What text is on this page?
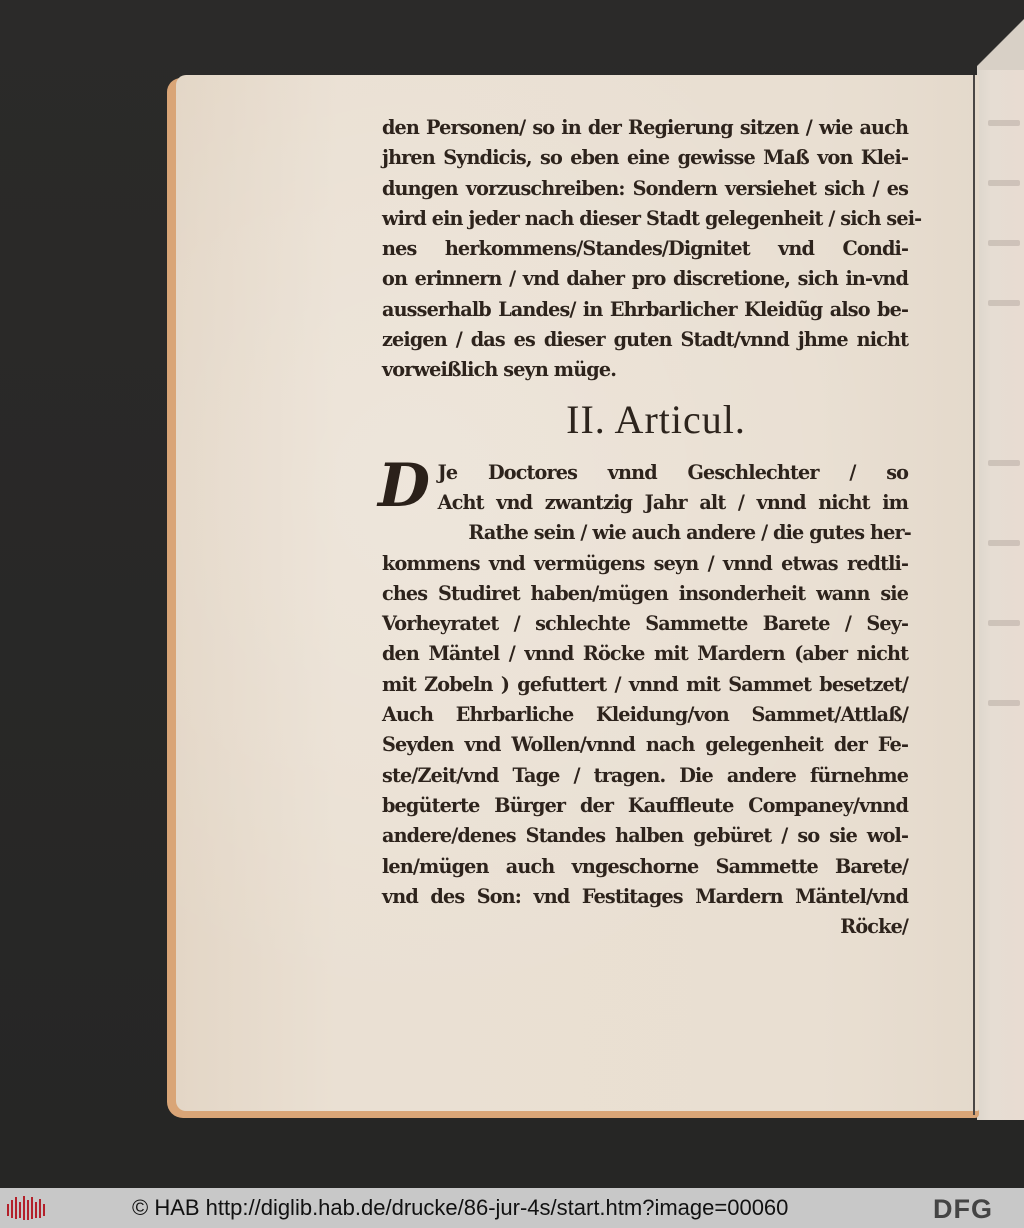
den Personen/ so in der Regierung sitzen / wie auch
jhren Syndicis, so eben eine gewisse Maß von Klei-
dungen vorzuschreiben: Sondern versiehet sich / es
wird ein jeder nach dieser Stadt gelegenheit / sich sei-
nes herkommens/Standes/Dignitet vnd Condi-
on erinnern / vnd daher pro discretione, sich in-vnd
ausserhalb Landes/ in Ehrbarlicher Kleidũg also be-
zeigen / das es dieser guten Stadt/vnnd jhme nicht
vorweißlich seyn müge.
II. Articul.
D Je Doctores vnnd Geschlechter / so
Acht vnd zwantzig Jahr alt / vnnd nicht im
Rathe sein / wie auch andere / die gutes her-
kommens vnd vermügens seyn / vnnd etwas redtli-
ches Studiret haben/mügen insonderheit wann sie
Vorheyratet / schlechte Sammette Barete / Sey-
den Mäntel / vnnd Röcke mit Mardern (aber nicht
mit Zobeln ) gefuttert / vnnd mit Sammet besetzet/
Auch Ehrbarliche Kleidung/von Sammet/Attlaß/
Seyden vnd Wollen/vnnd nach gelegenheit der Fe-
ste/Zeit/vnd Tage / tragen. Die andere fürnehme
begüterte Bürger der Kauffleute Companey/vnnd
andere/denes Standes halben gebüret / so sie wol-
len/mügen auch vngeschorne Sammette Barete/
vnd des Son: vnd Festitages Mardern Mäntel/vnd
Röcke/
© HAB http://diglib.hab.de/drucke/86-jur-4s/start.htm?image=00060	DFG
